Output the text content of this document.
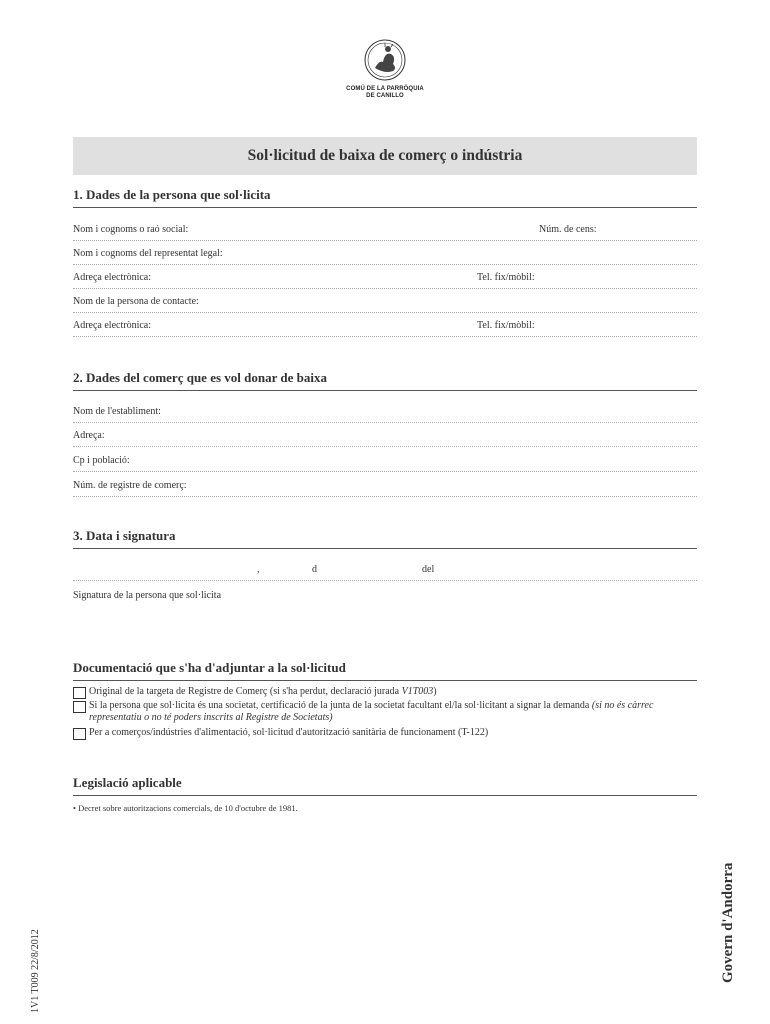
COMÚ DE LA PARRÒQUIA
DE CANILLO
Sol·licitud de baixa de comerç o indústria
1. Dades de la persona que sol·licita
Nom i cognoms o raó social:	Núm. de cens:
Nom i cognoms del representat legal:
Adreça electrònica:	Tel. fix/mòbil:
Nom de la persona de contacte:
Adreça electrònica:	Tel. fix/mòbil:
2. Dades del comerç que es vol donar de baixa
Nom de l'establiment:
Adreça:
Cp i població:
Núm. de registre de comerç:
3. Data i signatura
,	d	del
Signatura de la persona que sol·licita
Documentació que s'ha d'adjuntar a la sol·licitud
Original de la targeta de Registre de Comerç (si s'ha perdut, declaració jurada V1T003)
Si la persona que sol·licita és una societat, certificació de la junta de la societat facultant el/la sol·licitant a signar la demanda (si no és càrrec representatiu o no té poders inscrits al Registre de Societats)
Per a comerços/indústries d'alimentació, sol·licitud d'autorització sanitària de funcionament (T-122)
Legislació aplicable
• Decret sobre autoritzacions comercials, de 10 d'octubre de 1981.
1V1 T009 22/8/2012	Govern d'Andorra
